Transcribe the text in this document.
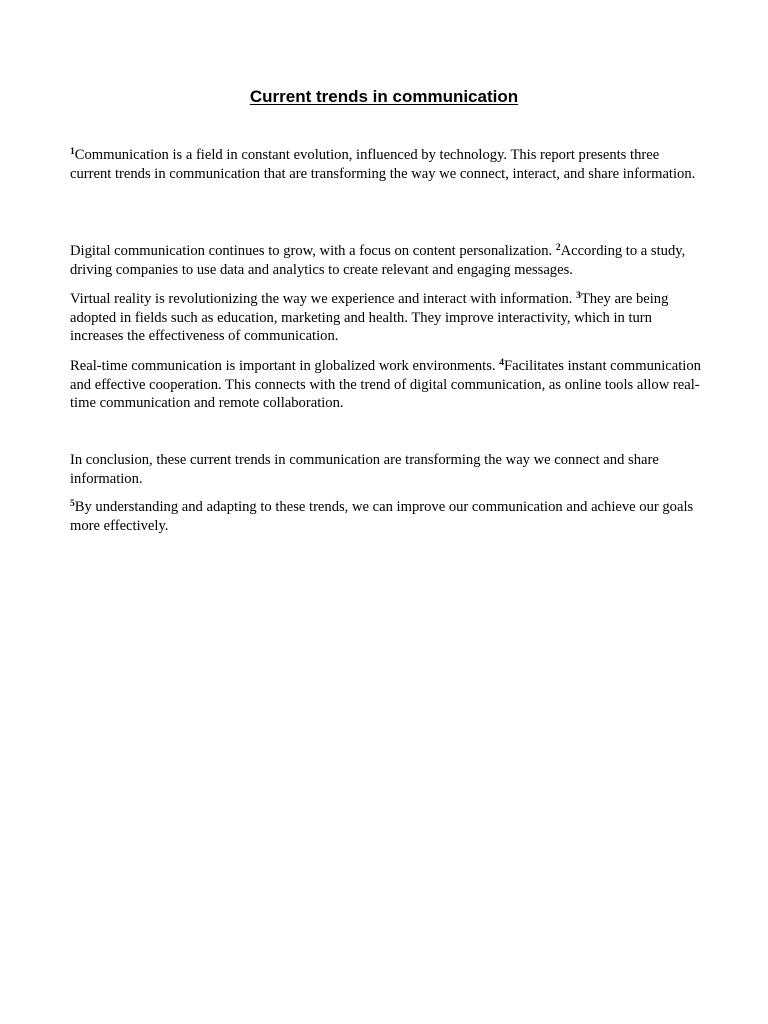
Current trends in communication

$^1$Communication is a field in constant evolution, influenced by technology. This report presents three current trends in communication that are transforming the way we connect, interact, and share information.

Digital communication continues to grow, with a focus on content personalization. $^2$According to a study, driving companies to use data and analytics to create relevant and engaging messages.

Virtual reality is revolutionizing the way we experience and interact with information. $^3$They are being adopted in fields such as education, marketing and health. They improve interactivity, which in turn increases the effectiveness of communication.

Real-time communication is important in globalized work environments. $^4$Facilitates instant communication and effective cooperation. This connects with the trend of digital communication, as online tools allow real-time communication and remote collaboration.

In conclusion, these current trends in communication are transforming the way we connect and share information.

$^5$By understanding and adapting to these trends, we can improve our communication and achieve our goals more effectively.
